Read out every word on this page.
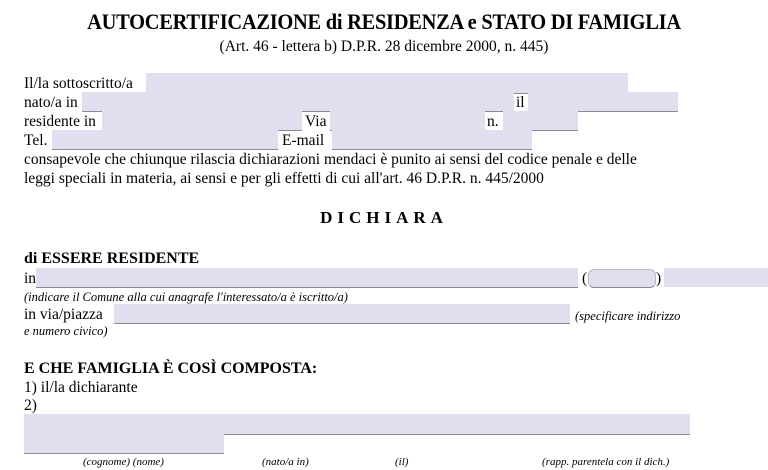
AUTOCERTIFICAZIONE di RESIDENZA e STATO DI FAMIGLIA
(Art. 46 - lettera b) D.P.R. 28 dicembre 2000, n. 445)
Il/la sottoscritto/a
nato/a in	il
residente in	Via	n.
Tel.	E-mail
consapevole che chiunque rilascia dichiarazioni mendaci è punito ai sensi del codice penale e delle
leggi speciali in materia, ai sensi e per gli effetti di cui all'art. 46 D.P.R. n. 445/2000
DICHIARA
di ESSERE RESIDENTE
in	(	)
(indicare il Comune alla cui anagrafe l'interessato/a è iscritto/a)
in via/piazza	(specificare indirizzo
e numero civico)
E CHE FAMIGLIA È COSÌ COMPOSTA:
1) il/la dichiarante
2)
(cognome) (nome)	(nato/a in)	(il)	(rapp. parentela con il dich.)
